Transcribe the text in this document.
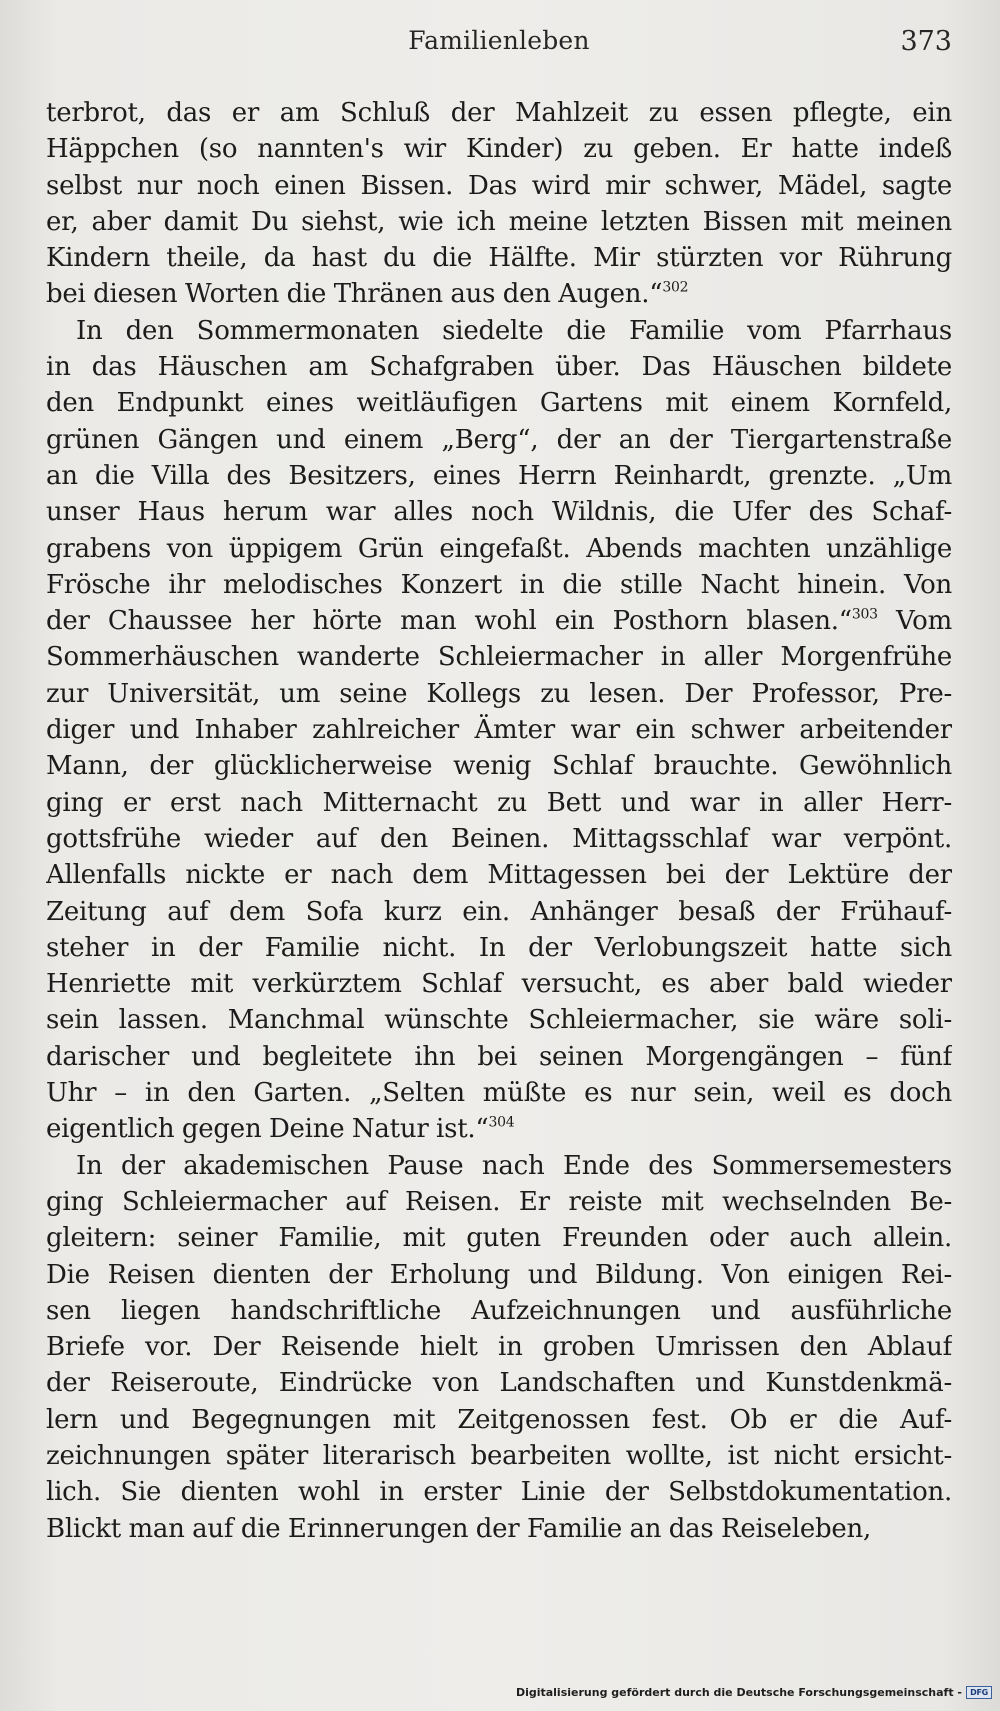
Familienleben	373
terbrot, das er am Schluß der Mahlzeit zu essen pflegte, ein
Häppchen (so nannten's wir Kinder) zu geben. Er hatte indeß
selbst nur noch einen Bissen. Das wird mir schwer, Mädel, sagte
er, aber damit Du siehst, wie ich meine letzten Bissen mit meinen
Kindern theile, da hast du die Hälfte. Mir stürzten vor Rührung
bei diesen Worten die Thränen aus den Augen.“$^{302}$
In den Sommermonaten siedelte die Familie vom Pfarrhaus
in das Häuschen am Schafgraben über. Das Häuschen bildete
den Endpunkt eines weitläufigen Gartens mit einem Kornfeld,
grünen Gängen und einem „Berg“, der an der Tiergartenstraße
an die Villa des Besitzers, eines Herrn Reinhardt, grenzte. „Um
unser Haus herum war alles noch Wildnis, die Ufer des Schaf-
grabens von üppigem Grün eingefaßt. Abends machten unzählige
Frösche ihr melodisches Konzert in die stille Nacht hinein. Von
der Chaussee her hörte man wohl ein Posthorn blasen.“$^{303}$ Vom
Sommerhäuschen wanderte Schleiermacher in aller Morgenfrühe
zur Universität, um seine Kollegs zu lesen. Der Professor, Pre-
diger und Inhaber zahlreicher Ämter war ein schwer arbeitender
Mann, der glücklicherweise wenig Schlaf brauchte. Gewöhnlich
ging er erst nach Mitternacht zu Bett und war in aller Herr-
gottsfrühe wieder auf den Beinen. Mittagsschlaf war verpönt.
Allenfalls nickte er nach dem Mittagessen bei der Lektüre der
Zeitung auf dem Sofa kurz ein. Anhänger besaß der Frühauf-
steher in der Familie nicht. In der Verlobungszeit hatte sich
Henriette mit verkürztem Schlaf versucht, es aber bald wieder
sein lassen. Manchmal wünschte Schleiermacher, sie wäre soli-
darischer und begleitete ihn bei seinen Morgengängen – fünf
Uhr – in den Garten. „Selten müßte es nur sein, weil es doch
eigentlich gegen Deine Natur ist.“$^{304}$
In der akademischen Pause nach Ende des Sommersemesters
ging Schleiermacher auf Reisen. Er reiste mit wechselnden Be-
gleitern: seiner Familie, mit guten Freunden oder auch allein.
Die Reisen dienten der Erholung und Bildung. Von einigen Rei-
sen liegen handschriftliche Aufzeichnungen und ausführliche
Briefe vor. Der Reisende hielt in groben Umrissen den Ablauf
der Reiseroute, Eindrücke von Landschaften und Kunstdenkmä-
lern und Begegnungen mit Zeitgenossen fest. Ob er die Auf-
zeichnungen später literarisch bearbeiten wollte, ist nicht ersicht-
lich. Sie dienten wohl in erster Linie der Selbstdokumentation.
Blickt man auf die Erinnerungen der Familie an das Reiseleben,
Digitalisierung gefördert durch die Deutsche Forschungsgemeinschaft -	DFG
